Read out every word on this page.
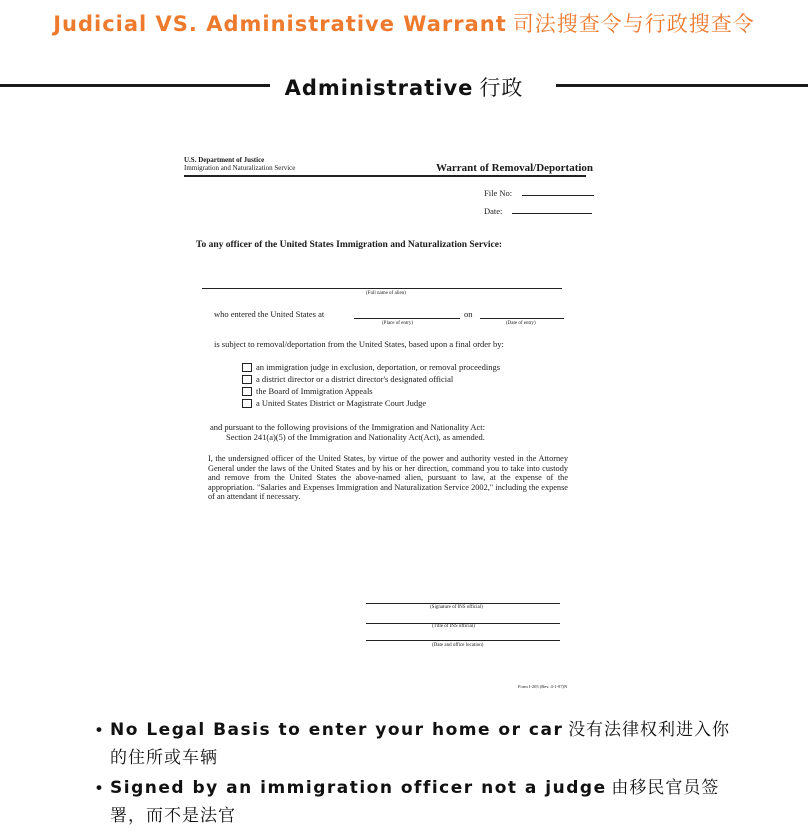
Judicial VS. Administrative Warrant 司法搜查令与行政搜查令
Administrative 行政
U.S. Department of Justice
Immigration and Naturalization Service	Warrant of Removal/Deportation
File No:
Date:
To any officer of the United States Immigration and Naturalization Service:
(Full name of alien)
who entered the United States at	on
(Place of entry)	(Date of entry)
is subject to removal/deportation from the United States, based upon a final order by:
an immigration judge in exclusion, deportation, or removal proceedings
a district director or a district director's designated official
the Board of Immigration Appeals
a United States District or Magistrate Court Judge
and pursuant to the following provisions of the Immigration and Nationality Act:
Section 241(a)(5) of the Immigration and Nationality Act(Act), as amended.
I, the undersigned officer of the United States, by virtue of the power and authority vested in the Attorney General under the laws of the United States and by his or her direction, command you to take into custody and remove from the United States the above-named alien, pursuant to law, at the expense of the appropriation. "Salaries and Expenses Immigration and Naturalization Service 2002," including the expense of an attendant if necessary.
(Signature of INS official)
(Title of INS official)
(Date and office location)
Form I-205 (Rev. 4-1-97)N
• No Legal Basis to enter your home or car 没有法律权利进入你的住所或车辆
• Signed by an immigration officer not a judge 由移民官员签署，而不是法官
